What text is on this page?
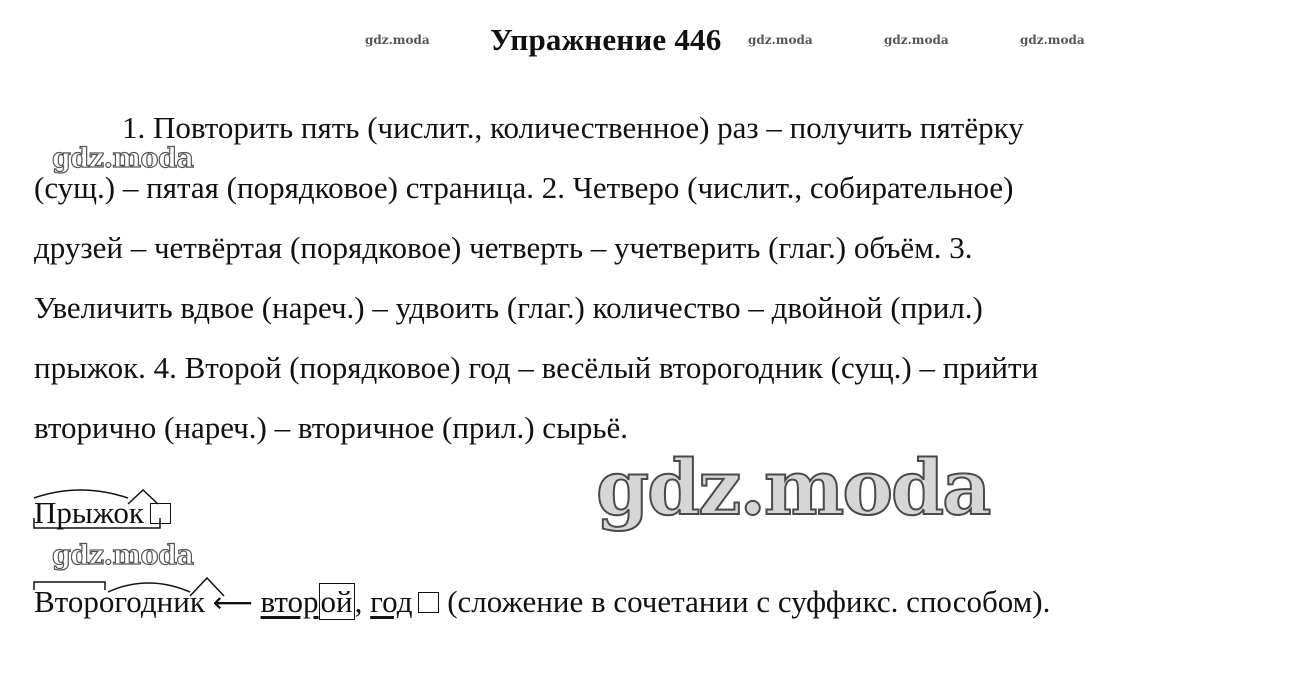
Упражнение 446
gdz.moda	gdz.moda	gdz.moda	gdz.moda
1. Повторить пять (числит., количественное) раз – получить пятёрку
(сущ.) – пятая (порядковое) страница. 2. Четверо (числит., собирательное)
друзей – четвёртая (порядковое) четверть – учетверить (глаг.) объём. 3.
Увеличить вдвое (нареч.) – удвоить (глаг.) количество – двойной (прил.)
прыжок. 4. Второй (порядковое) год – весёлый второгодник (сущ.) – прийти
вторично (нареч.) – вторичное (прил.) сырьё.
gdz.moda
gdz.moda
gdz.moda
Прыжок
Второгодник ⟵ второй, год (сложение в сочетании с суффикс. способом).
